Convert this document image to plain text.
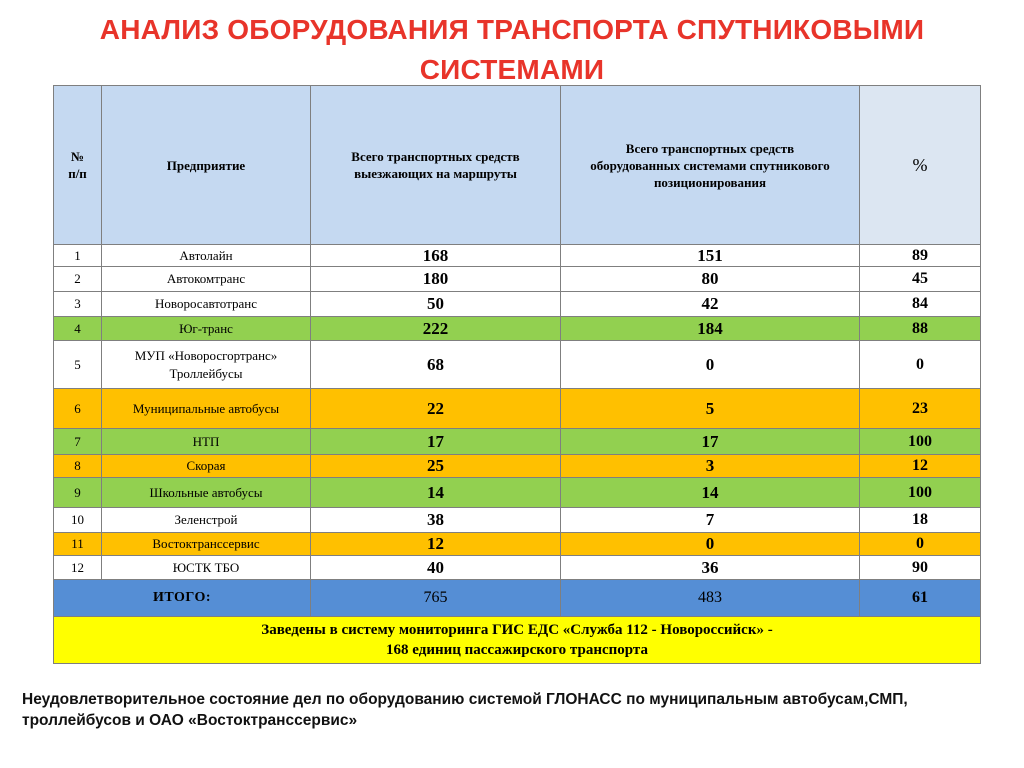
АНАЛИЗ ОБОРУДОВАНИЯ ТРАНСПОРТА СПУТНИКОВЫМИ
СИСТЕМАМИ
№
п/п	Предприятие	Всего транспортных средств выезжающих на маршруты	Всего транспортных средств оборудованных системами спутникового позиционирования	%
1	Автолайн	168	151	89
2	Автокомтранс	180	80	45
3	Новоросавтотранс	50	42	84
4	Юг-транс	222	184	88
5	МУП «Новоросгортранс» Троллейбусы	68	0	0
6	Муниципальные автобусы	22	5	23
7	НТП	17	17	100
8	Скорая	25	3	12
9	Школьные автобусы	14	14	100
10	Зеленстрой	38	7	18
11	Востоктранссервис	12	0	0
12	ЮСТК ТБО	40	36	90
ИТОГО:		765	483	61

Заведены в систему мониторинга ГИС ЕДС «Служба 112 - Новороссийск» -
168 единиц пассажирского транспорта				
Неудовлетворительное состояние дел по оборудованию системой ГЛОНАСС по муниципальным автобусам,СМП, троллейбусов и ОАО «Востоктранссервис»
